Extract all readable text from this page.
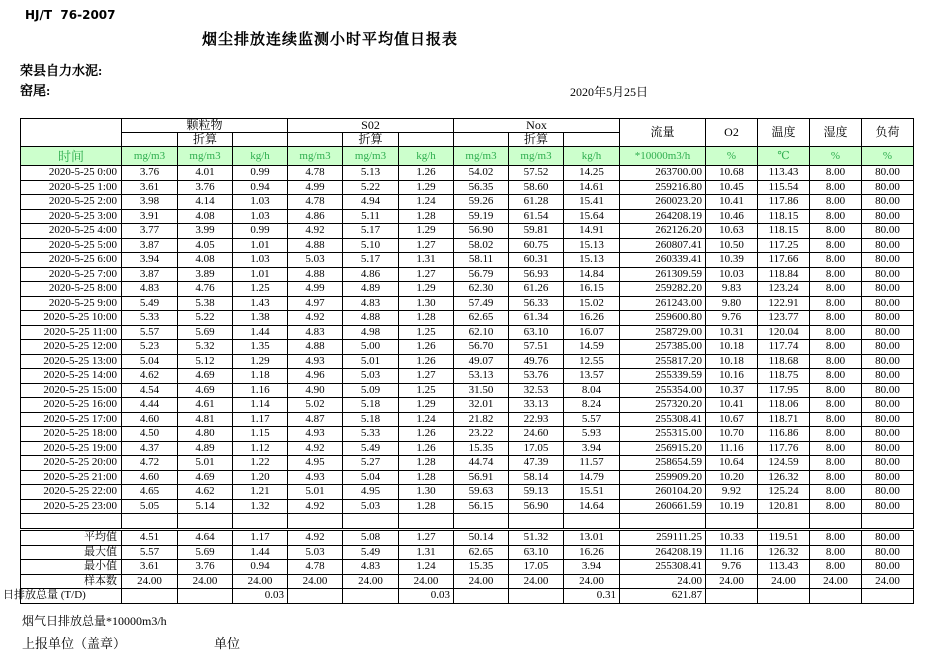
HJ/T  76-2007
烟尘排放连续监测小时平均值日报表
荣县自力水泥:
窑尾:	2020年5月25日
	颗粒物			S02			Nox			流量	O2	温度	湿度	负荷
		折算			折算			折算						
时间	mg/m3	mg/m3	kg/h	mg/m3	mg/m3	kg/h	mg/m3	mg/m3	kg/h	*10000m3/h	%	℃	%	%
2020-5-25 0:00	3.76	4.01	0.99	4.78	5.13	1.26	54.02	57.52	14.25	263700.00	10.68	113.43	8.00	80.00
2020-5-25 1:00	3.61	3.76	0.94	4.99	5.22	1.29	56.35	58.60	14.61	259216.80	10.45	115.54	8.00	80.00
2020-5-25 2:00	3.98	4.14	1.03	4.78	4.94	1.24	59.26	61.28	15.41	260023.20	10.41	117.86	8.00	80.00
2020-5-25 3:00	3.91	4.08	1.03	4.86	5.11	1.28	59.19	61.54	15.64	264208.19	10.46	118.15	8.00	80.00
2020-5-25 4:00	3.77	3.99	0.99	4.92	5.17	1.29	56.90	59.81	14.91	262126.20	10.63	118.15	8.00	80.00
2020-5-25 5:00	3.87	4.05	1.01	4.88	5.10	1.27	58.02	60.75	15.13	260807.41	10.50	117.25	8.00	80.00
2020-5-25 6:00	3.94	4.08	1.03	5.03	5.17	1.31	58.11	60.31	15.13	260339.41	10.39	117.66	8.00	80.00
2020-5-25 7:00	3.87	3.89	1.01	4.88	4.86	1.27	56.79	56.93	14.84	261309.59	10.03	118.84	8.00	80.00
2020-5-25 8:00	4.83	4.76	1.25	4.99	4.89	1.29	62.30	61.26	16.15	259282.20	9.83	123.24	8.00	80.00
2020-5-25 9:00	5.49	5.38	1.43	4.97	4.83	1.30	57.49	56.33	15.02	261243.00	9.80	122.91	8.00	80.00
2020-5-25 10:00	5.33	5.22	1.38	4.92	4.88	1.28	62.65	61.34	16.26	259600.80	9.76	123.77	8.00	80.00
2020-5-25 11:00	5.57	5.69	1.44	4.83	4.98	1.25	62.10	63.10	16.07	258729.00	10.31	120.04	8.00	80.00
2020-5-25 12:00	5.23	5.32	1.35	4.88	5.00	1.26	56.70	57.51	14.59	257385.00	10.18	117.74	8.00	80.00
2020-5-25 13:00	5.04	5.12	1.29	4.93	5.01	1.26	49.07	49.76	12.55	255817.20	10.18	118.68	8.00	80.00
2020-5-25 14:00	4.62	4.69	1.18	4.96	5.03	1.27	53.13	53.76	13.57	255339.59	10.16	118.75	8.00	80.00
2020-5-25 15:00	4.54	4.69	1.16	4.90	5.09	1.25	31.50	32.53	8.04	255354.00	10.37	117.95	8.00	80.00
2020-5-25 16:00	4.44	4.61	1.14	5.02	5.18	1.29	32.01	33.13	8.24	257320.20	10.41	118.06	8.00	80.00
2020-5-25 17:00	4.60	4.81	1.17	4.87	5.18	1.24	21.82	22.93	5.57	255308.41	10.67	118.71	8.00	80.00
2020-5-25 18:00	4.50	4.80	1.15	4.93	5.33	1.26	23.22	24.60	5.93	255315.00	10.70	116.86	8.00	80.00
2020-5-25 19:00	4.37	4.89	1.12	4.92	5.49	1.26	15.35	17.05	3.94	256915.20	11.16	117.76	8.00	80.00
2020-5-25 20:00	4.72	5.01	1.22	4.95	5.27	1.28	44.74	47.39	11.57	258654.59	10.64	124.59	8.00	80.00
2020-5-25 21:00	4.60	4.69	1.20	4.93	5.04	1.28	56.91	58.14	14.79	259909.20	10.20	126.32	8.00	80.00
2020-5-25 22:00	4.65	4.62	1.21	5.01	4.95	1.30	59.63	59.13	15.51	260104.20	9.92	125.24	8.00	80.00
2020-5-25 23:00	5.05	5.14	1.32	4.92	5.03	1.28	56.15	56.90	14.64	260661.59	10.19	120.81	8.00	80.00

平均值	4.51	4.64	1.17	4.92	5.08	1.27	50.14	51.32	13.01	259111.25	10.33	119.51	8.00	80.00
最大值	5.57	5.69	1.44	5.03	5.49	1.31	62.65	63.10	16.26	264208.19	11.16	126.32	8.00	80.00
最小值	3.61	3.76	0.94	4.78	4.83	1.24	15.35	17.05	3.94	255308.41	9.76	113.43	8.00	80.00
样本数	24.00	24.00	24.00	24.00	24.00	24.00	24.00	24.00	24.00	24.00	24.00	24.00	24.00	24.00
日排放总量 (T/D)			0.03			0.03			0.31	621.87				
烟气日排放总量*10000m3/h
上报单位（盖章）	单位
